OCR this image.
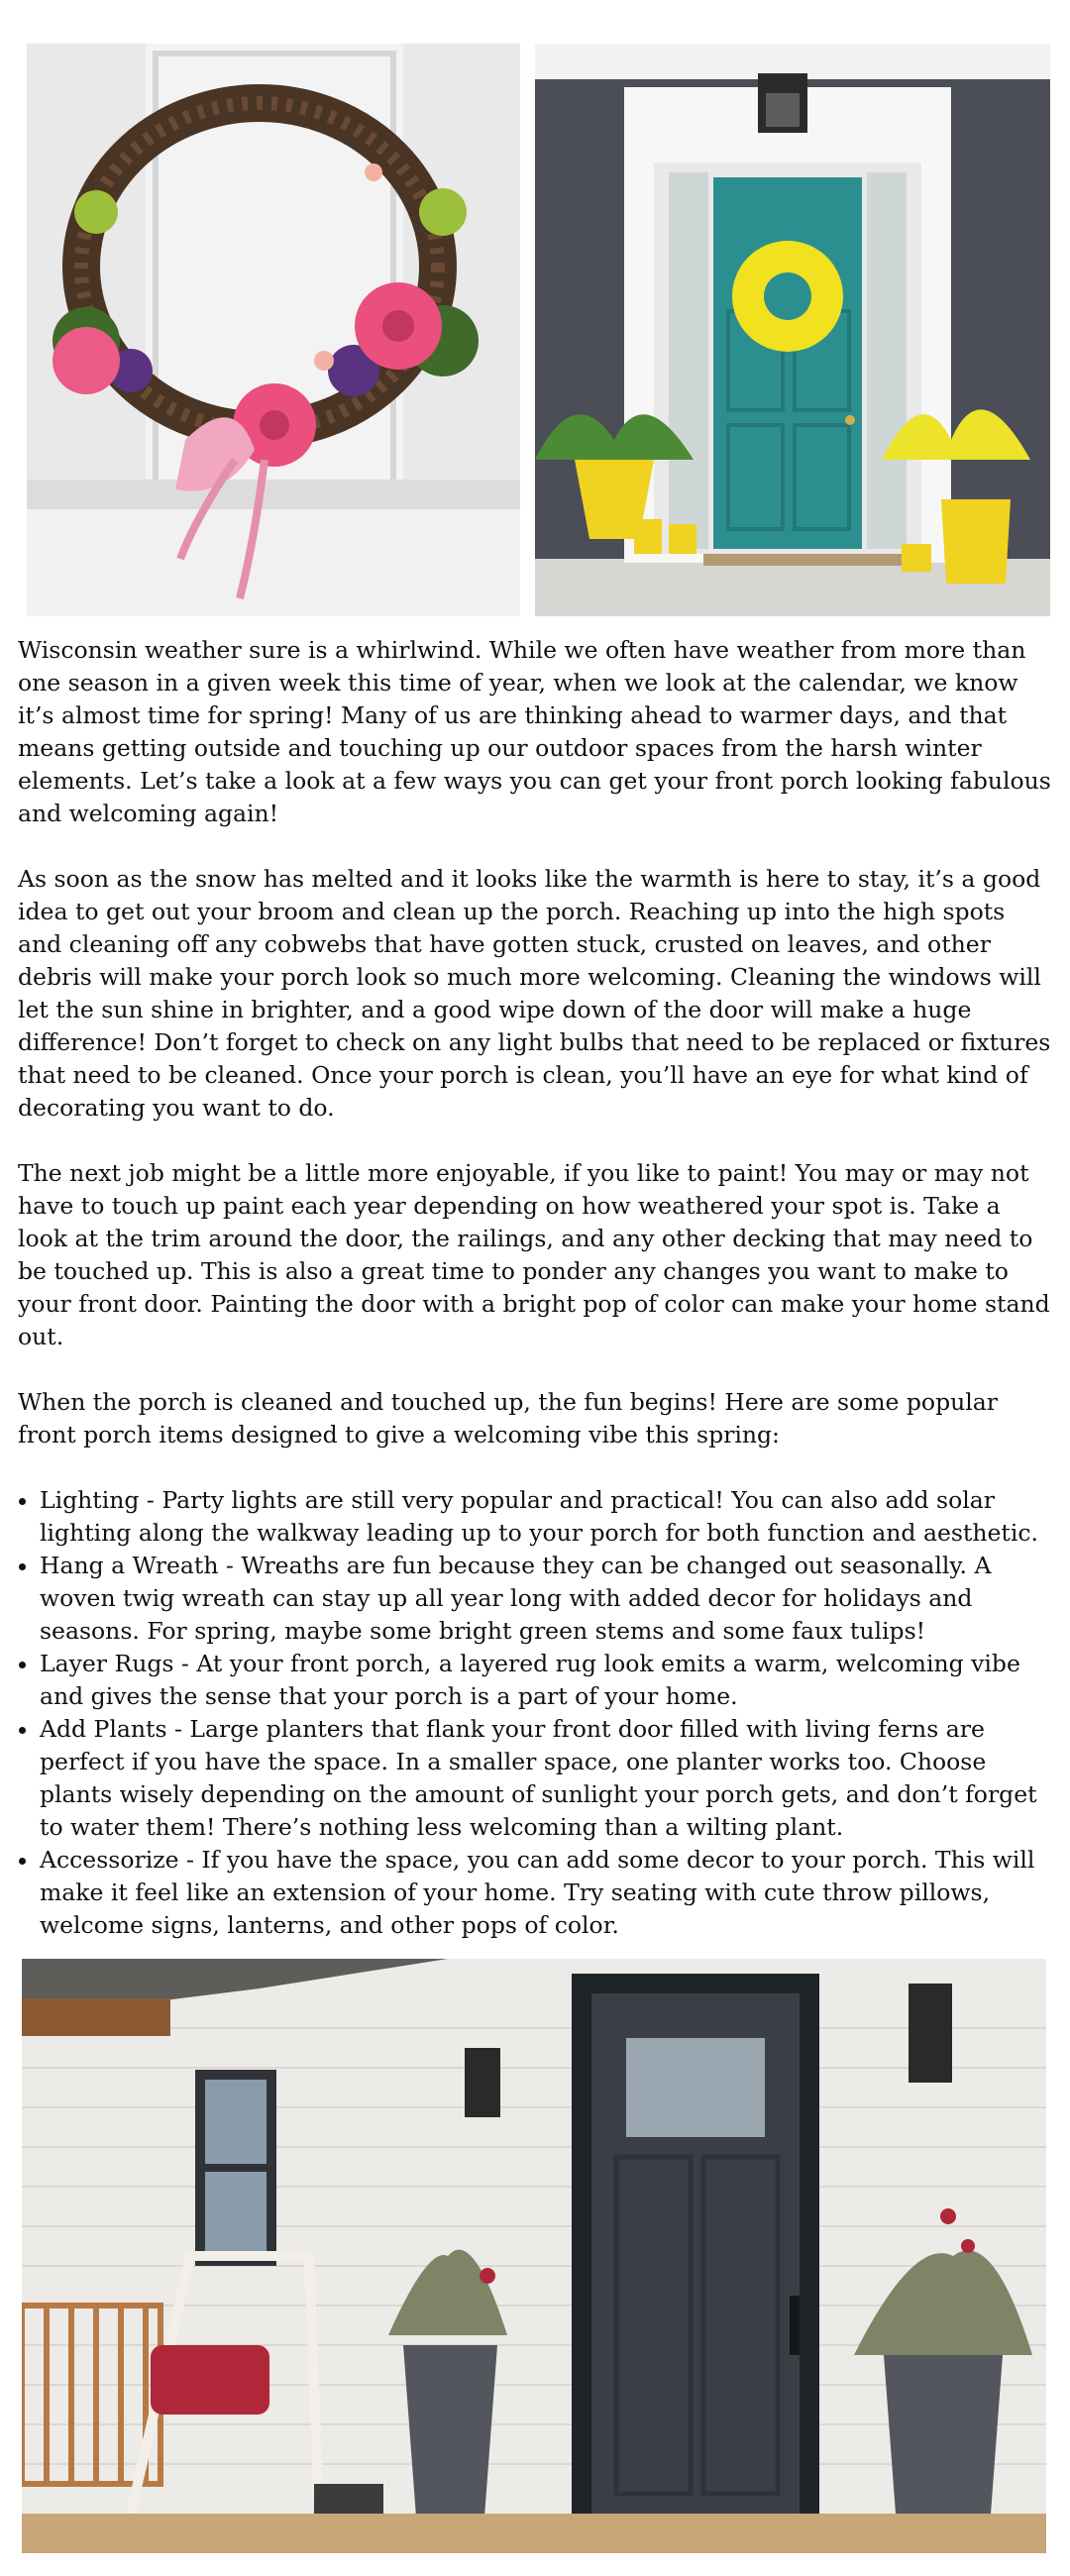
Wisconsin weather sure is a whirlwind. While we often have weather from more than one season in a given week this time of year, when we look at the calendar, we know it’s almost time for spring! Many of us are thinking ahead to warmer days, and that means getting outside and touching up our outdoor spaces from the harsh winter elements. Let’s take a look at a few ways you can get your front porch looking fabulous and welcoming again!

As soon as the snow has melted and it looks like the warmth is here to stay, it’s a good idea to get out your broom and clean up the porch. Reaching up into the high spots and cleaning off any cobwebs that have gotten stuck, crusted on leaves, and other debris will make your porch look so much more welcoming. Cleaning the windows will let the sun shine in brighter, and a good wipe down of the door will make a huge difference! Don’t forget to check on any light bulbs that need to be replaced or fixtures that need to be cleaned. Once your porch is clean, you’ll have an eye for what kind of decorating you want to do.

The next job might be a little more enjoyable, if you like to paint! You may or may not have to touch up paint each year depending on how weathered your spot is. Take a look at the trim around the door, the railings, and any other decking that may need to be touched up. This is also a great time to ponder any changes you want to make to your front door. Painting the door with a bright pop of color can make your home stand out.

When the porch is cleaned and touched up, the fun begins! Here are some popular front porch items designed to give a welcoming vibe this spring:

• Lighting - Party lights are still very popular and practical! You can also add solar lighting along the walkway leading up to your porch for both function and aesthetic.
• Hang a Wreath - Wreaths are fun because they can be changed out seasonally. A woven twig wreath can stay up all year long with added decor for holidays and seasons. For spring, maybe some bright green stems and some faux tulips!
• Layer Rugs - At your front porch, a layered rug look emits a warm, welcoming vibe and gives the sense that your porch is a part of your home.
• Add Plants - Large planters that flank your front door filled with living ferns are perfect if you have the space. In a smaller space, one planter works too. Choose plants wisely depending on the amount of sunlight your porch gets, and don’t forget to water them! There’s nothing less welcoming than a wilting plant.
• Accessorize - If you have the space, you can add some decor to your porch. This will make it feel like an extension of your home. Try seating with cute throw pillows, welcome signs, lanterns, and other pops of color.
